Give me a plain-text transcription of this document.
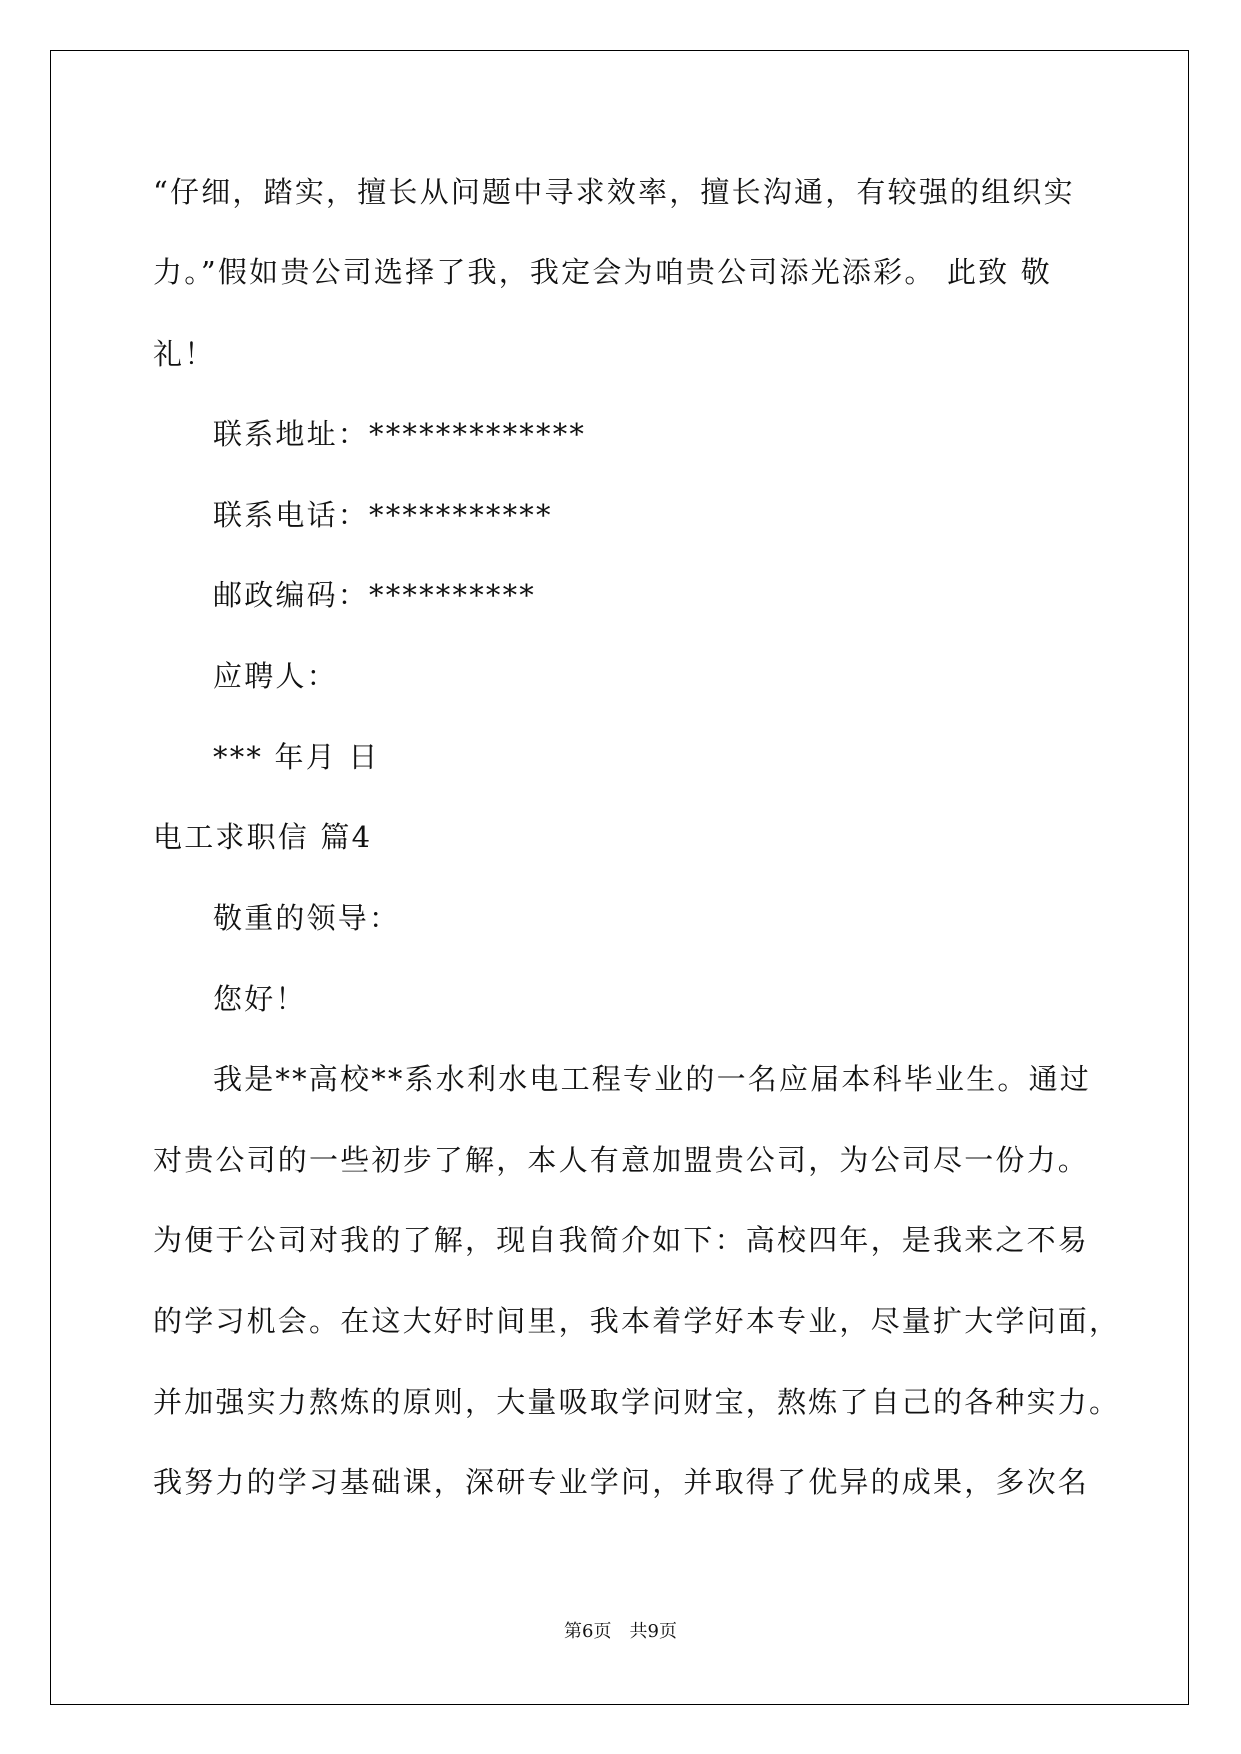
“仔细，踏实，擅长从问题中寻求效率，擅长沟通，有较强的组织实

力。”假如贵公司选择了我，我定会为咱贵公司添光添彩。 此致 敬

礼！

联系地址：*************

联系电话：***********

邮政编码：**********

应聘人：

*** 年月 日

电工求职信 篇4

敬重的领导：

您好！

我是**高校**系水利水电工程专业的一名应届本科毕业生。通过

对贵公司的一些初步了解，本人有意加盟贵公司，为公司尽一份力。

为便于公司对我的了解，现自我简介如下：高校四年，是我来之不易

的学习机会。在这大好时间里，我本着学好本专业，尽量扩大学问面，

并加强实力熬炼的原则，大量吸取学问财宝，熬炼了自己的各种实力。

我努力的学习基础课，深研专业学问，并取得了优异的成果，多次名

第6页　共9页
